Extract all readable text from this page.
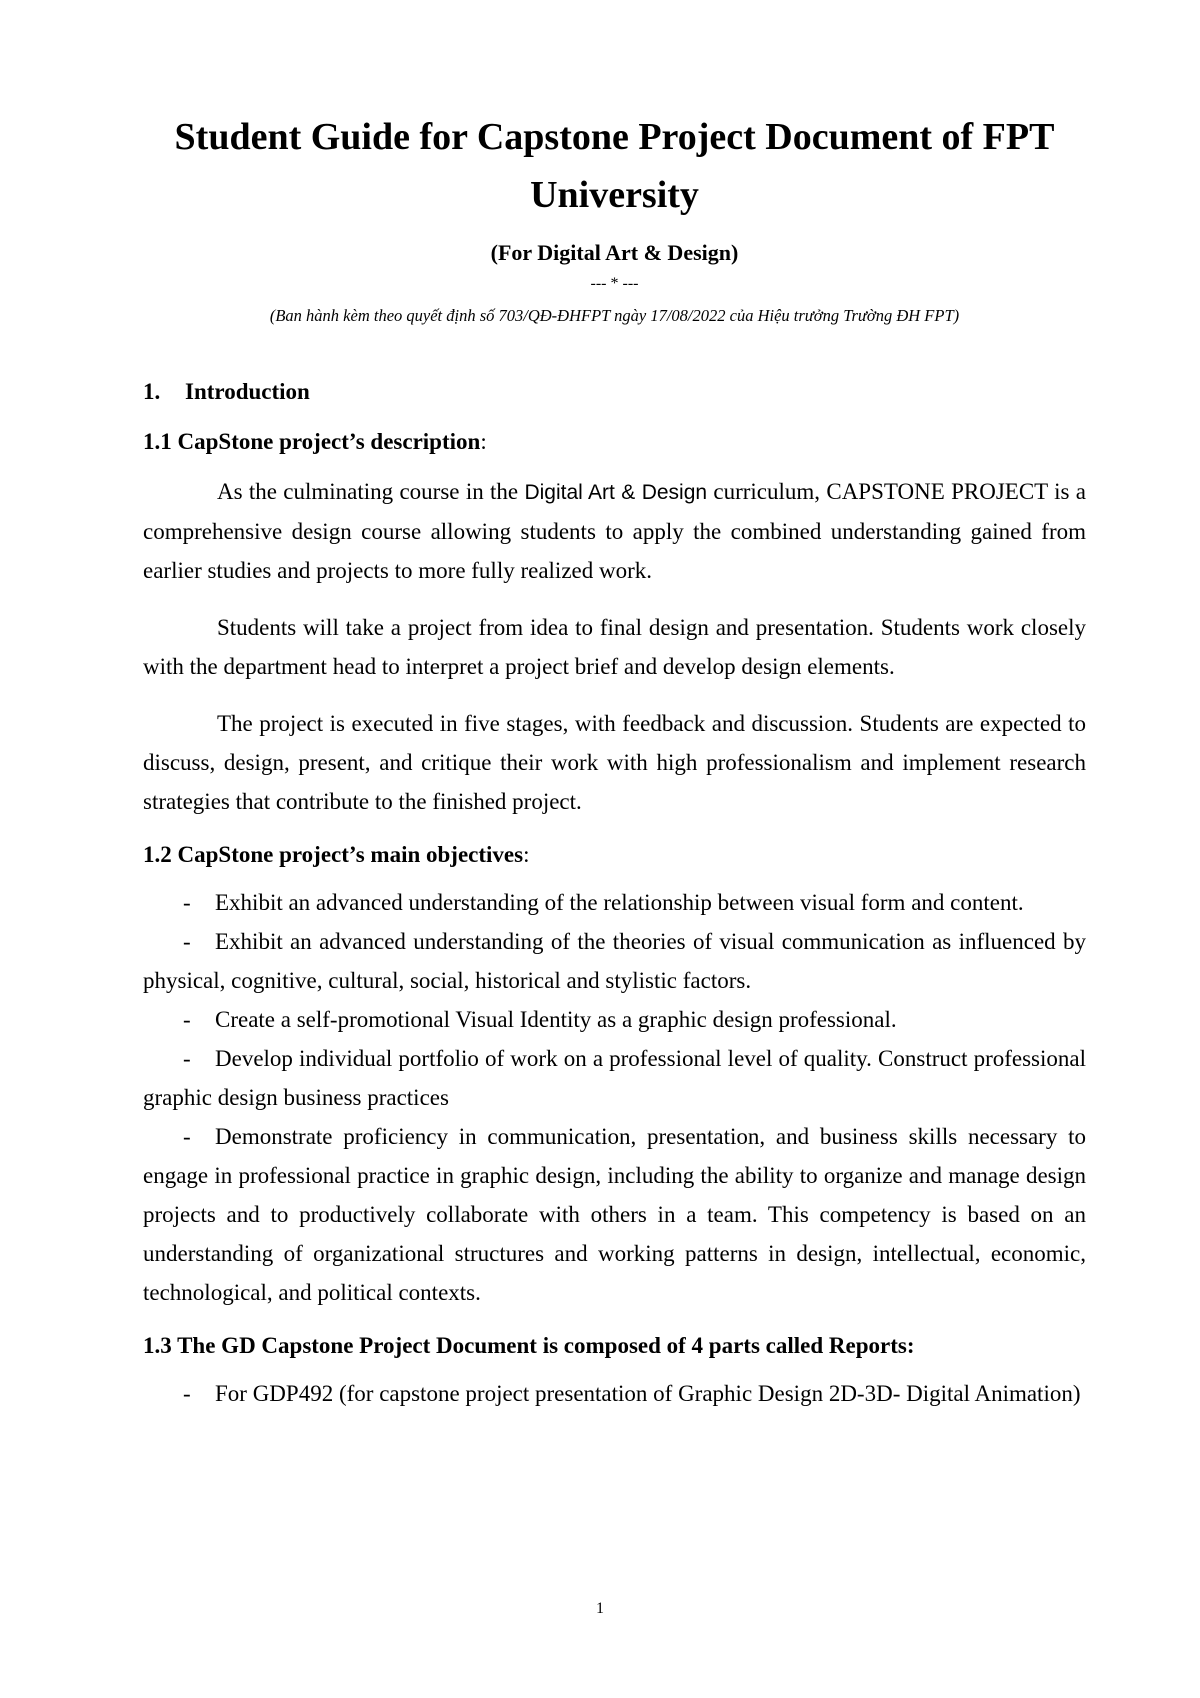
Student Guide for Capstone Project Document of FPT University

(For Digital Art & Design)

--- * ---

(Ban hành kèm theo quyết định số 703/QĐ-ĐHFPT ngày 17/08/2022 của Hiệu trưởng Trường ĐH FPT)

1. Introduction
1.1 CapStone project’s description:

As the culminating course in the Digital Art & Design curriculum, CAPSTONE PROJECT is a comprehensive design course allowing students to apply the combined understanding gained from earlier studies and projects to more fully realized work.

Students will take a project from idea to final design and presentation. Students work closely with the department head to interpret a project brief and develop design elements.

The project is executed in five stages, with feedback and discussion. Students are expected to discuss, design, present, and critique their work with high professionalism and implement research strategies that contribute to the finished project.

1.2 CapStone project’s main objectives:

- Exhibit an advanced understanding of the relationship between visual form and content.

- Exhibit an advanced understanding of the theories of visual communication as influenced by physical, cognitive, cultural, social, historical and stylistic factors.

- Create a self-promotional Visual Identity as a graphic design professional.

- Develop individual portfolio of work on a professional level of quality. Construct professional graphic design business practices

- Demonstrate proficiency in communication, presentation, and business skills necessary to engage in professional practice in graphic design, including the ability to organize and manage design projects and to productively collaborate with others in a team. This competency is based on an understanding of organizational structures and working patterns in design, intellectual, economic, technological, and political contexts.

1.3 The GD Capstone Project Document is composed of 4 parts called Reports:

- For GDP492 (for capstone project presentation of Graphic Design 2D-3D- Digital Animation)

1
